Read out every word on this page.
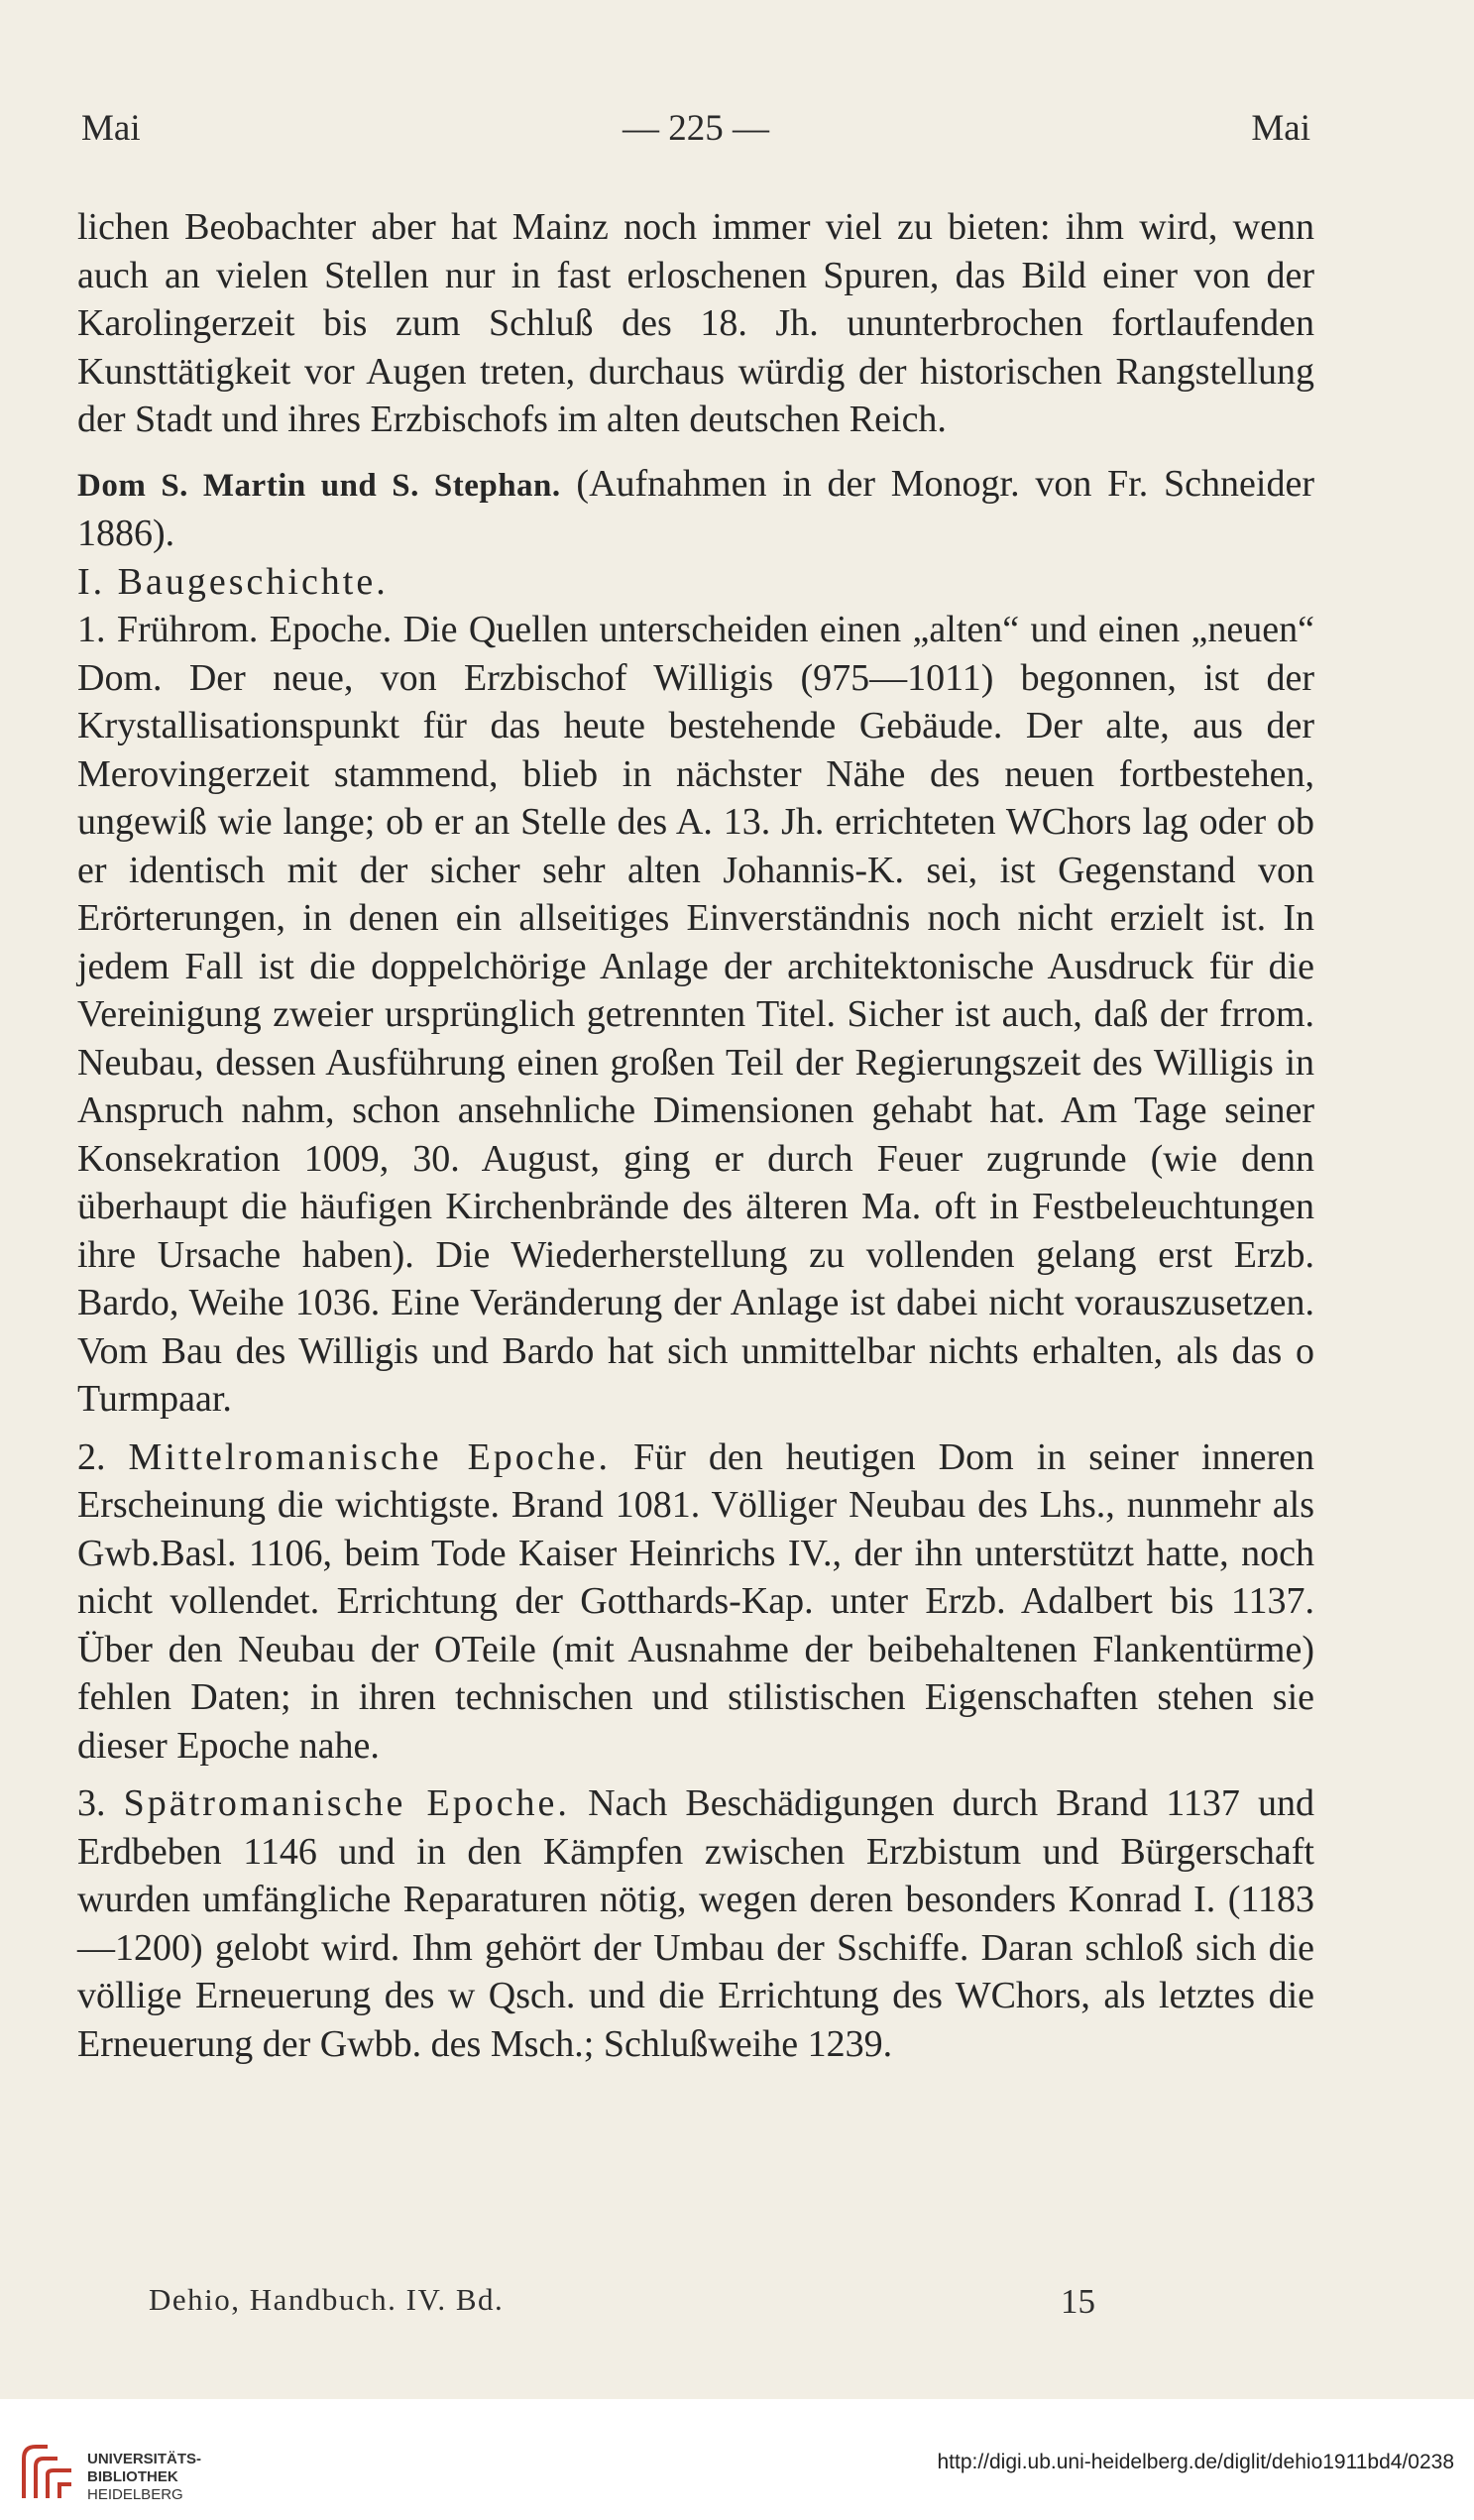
Mai	— 225 —	Mai

lichen Beobachter aber hat Mainz noch immer viel zu bieten: ihm wird, wenn auch an vielen Stellen nur in fast erloschenen Spuren, das Bild einer von der Karolingerzeit bis zum Schluß des 18. Jh. ununterbrochen fortlaufenden Kunsttätigkeit vor Augen treten, durchaus würdig der historischen Rangstellung der Stadt und ihres Erzbischofs im alten deutschen Reich.

Dom S. Martin und S. Stephan. (Aufnahmen in der Monogr. von Fr. Schneider 1886).

I. Baugeschichte.

1. Frührom. Epoche. Die Quellen unterscheiden einen „alten“ und einen „neuen“ Dom. Der neue, von Erzbischof Willigis (975—1011) begonnen, ist der Krystallisationspunkt für das heute bestehende Gebäude. Der alte, aus der Merovingerzeit stammend, blieb in nächster Nähe des neuen fortbestehen, ungewiß wie lange; ob er an Stelle des A. 13. Jh. errichteten WChors lag oder ob er identisch mit der sicher sehr alten Johannis-K. sei, ist Gegenstand von Erörterungen, in denen ein allseitiges Einverständnis noch nicht erzielt ist. In jedem Fall ist die doppelchörige Anlage der architektonische Ausdruck für die Vereinigung zweier ursprünglich getrennten Titel. Sicher ist auch, daß der frrom. Neubau, dessen Ausführung einen großen Teil der Regierungszeit des Willigis in Anspruch nahm, schon ansehnliche Dimensionen gehabt hat. Am Tage seiner Konsekration 1009, 30. August, ging er durch Feuer zugrunde (wie denn überhaupt die häufigen Kirchenbrände des älteren Ma. oft in Festbeleuchtungen ihre Ursache haben). Die Wiederherstellung zu vollenden gelang erst Erzb. Bardo, Weihe 1036. Eine Veränderung der Anlage ist dabei nicht vorauszusetzen. Vom Bau des Willigis und Bardo hat sich unmittelbar nichts erhalten, als das o Turmpaar.

2. Mittelromanische Epoche. Für den heutigen Dom in seiner inneren Erscheinung die wichtigste. Brand 1081. Völliger Neubau des Lhs., nunmehr als Gwb.Basl. 1106, beim Tode Kaiser Heinrichs IV., der ihn unterstützt hatte, noch nicht vollendet. Errichtung der Gotthards-Kap. unter Erzb. Adalbert bis 1137. Über den Neubau der OTeile (mit Ausnahme der beibehaltenen Flankentürme) fehlen Daten; in ihren technischen und stilistischen Eigenschaften stehen sie dieser Epoche nahe.

3. Spätromanische Epoche. Nach Beschädigungen durch Brand 1137 und Erdbeben 1146 und in den Kämpfen zwischen Erzbistum und Bürgerschaft wurden umfängliche Reparaturen nötig, wegen deren besonders Konrad I. (1183—1200) gelobt wird. Ihm gehört der Umbau der Sschiffe. Daran schloß sich die völlige Erneuerung des w Qsch. und die Errichtung des WChors, als letztes die Erneuerung der Gwbb. des Msch.; Schlußweihe 1239.

Dehio, Handbuch. IV. Bd.	15
UNIVERSITÄTS-
BIBLIOTHEK
HEIDELBERG
http://digi.ub.uni-heidelberg.de/diglit/dehio1911bd4/0238
